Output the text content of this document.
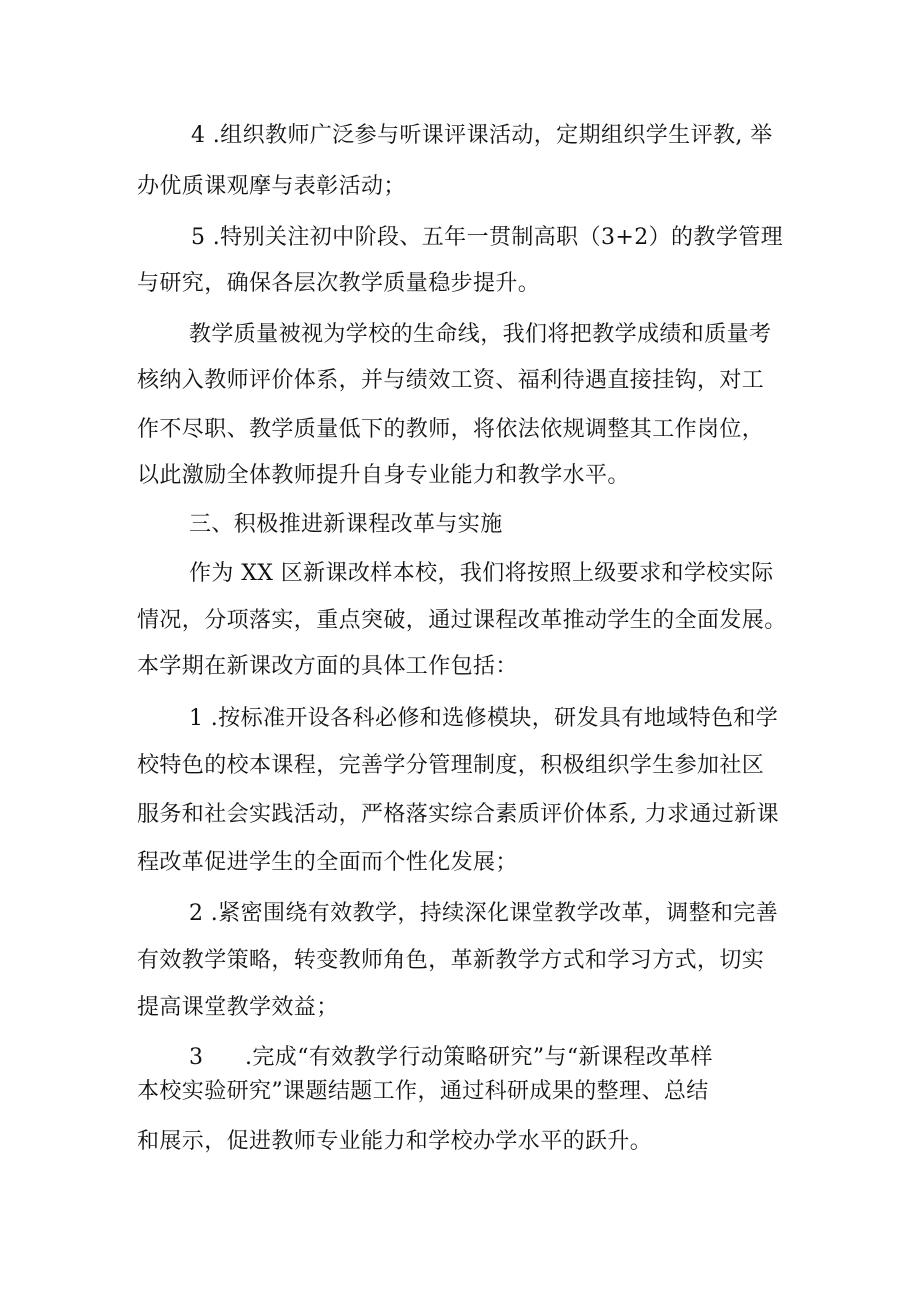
4 .组织教师广泛参与听课评课活动，定期组织学生评教, 举
办优质课观摩与表彰活动；
5 .特别关注初中阶段、五年一贯制高职（3+2）的教学管理
与研究，确保各层次教学质量稳步提升。
教学质量被视为学校的生命线，我们将把教学成绩和质量考
核纳入教师评价体系，并与绩效工资、福利待遇直接挂钩，对工
作不尽职、教学质量低下的教师，将依法依规调整其工作岗位，
以此激励全体教师提升自身专业能力和教学水平。
三、积极推进新课程改革与实施
作为 XX 区新课改样本校，我们将按照上级要求和学校实际
情况，分项落实，重点突破，通过课程改革推动学生的全面发展。
本学期在新课改方面的具体工作包括：
1 .按标准开设各科必修和选修模块，研发具有地域特色和学
校特色的校本课程，完善学分管理制度，积极组织学生参加社区
服务和社会实践活动，严格落实综合素质评价体系, 力求通过新课
程改革促进学生的全面而个性化发展；
2 .紧密围绕有效教学，持续深化课堂教学改革，调整和完善
有效教学策略，转变教师角色，革新教学方式和学习方式，切实
提高课堂教学效益；
3 .完成“有效教学行动策略研究”与“新课程改革样
本校实验研究”课题结题工作，通过科研成果的整理、总结
和展示，促进教师专业能力和学校办学水平的跃升。
